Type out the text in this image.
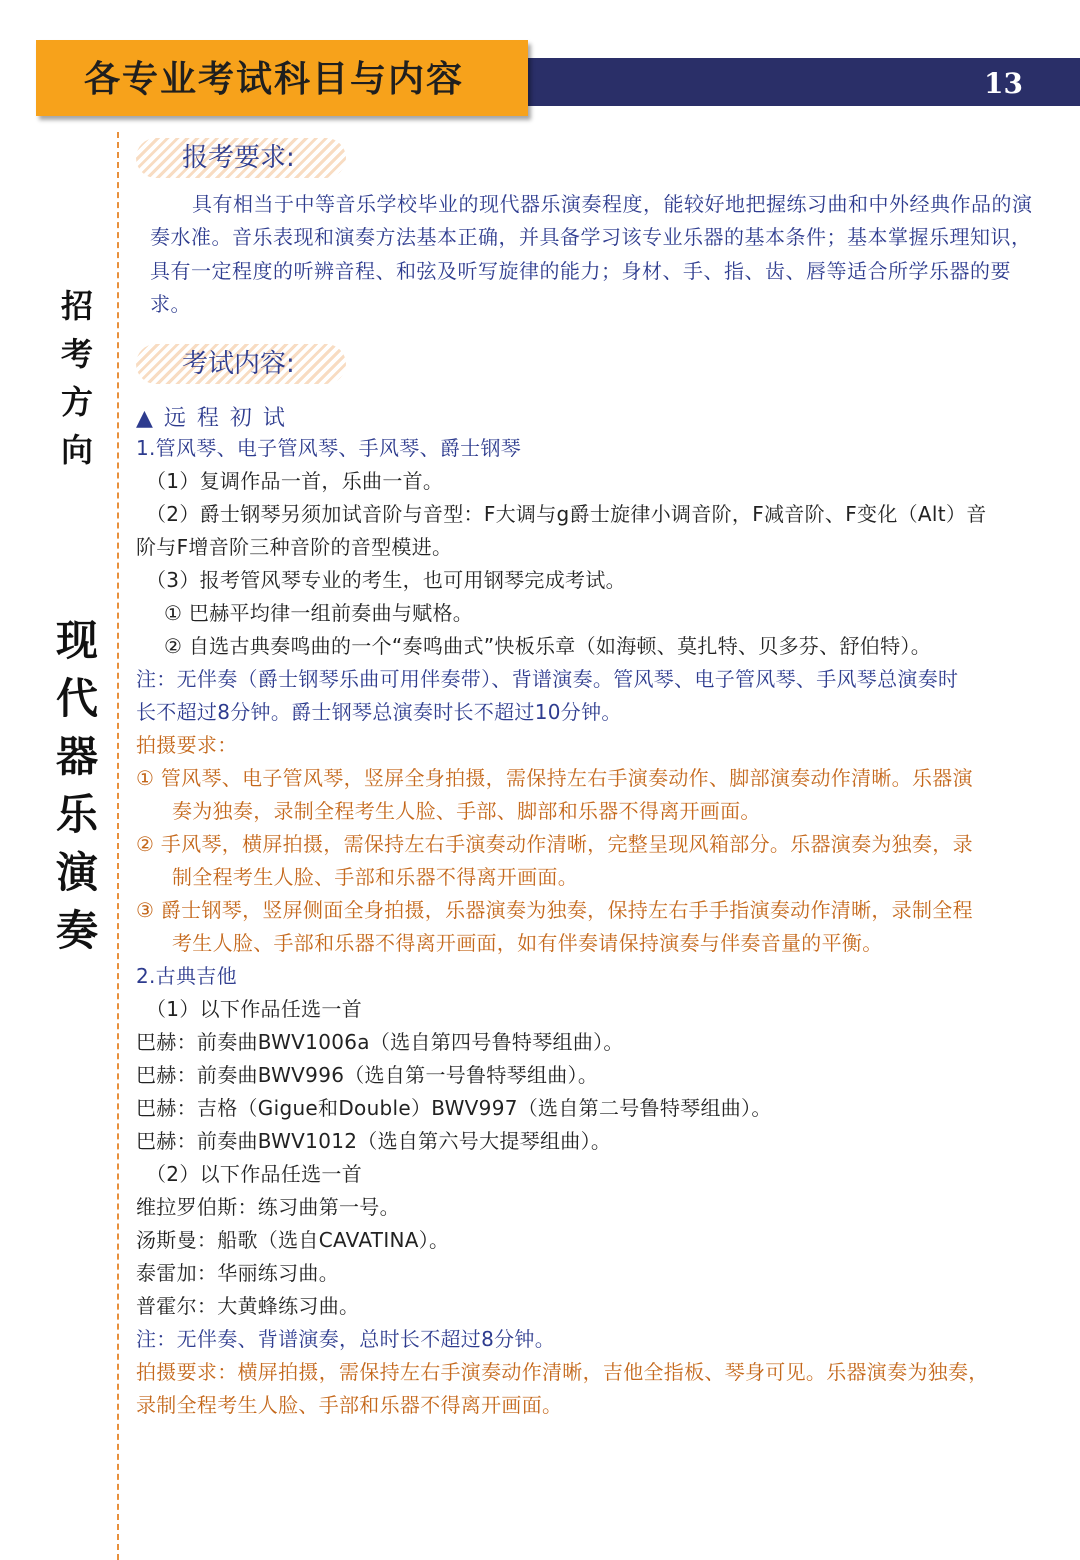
各专业考试科目与内容	13
招
考
方
向
现
代
器
乐
演
奏
报考要求:
具有相当于中等音乐学校毕业的现代器乐演奏程度，能较好地把握练习曲和中外经典作品的演奏水准。音乐表现和演奏方法基本正确，并具备学习该专业乐器的基本条件；基本掌握乐理知识，具有一定程度的听辨音程、和弦及听写旋律的能力；身材、手、指、齿、唇等适合所学乐器的要求。
考试内容:
▲ 远 程 初 试
1.管风琴、电子管风琴、手风琴、爵士钢琴
（1）复调作品一首，乐曲一首。
（2）爵士钢琴另须加试音阶与音型：F大调与g爵士旋律小调音阶，F减音阶、F变化（Alt）音
阶与F增音阶三种音阶的音型模进。
（3）报考管风琴专业的考生，也可用钢琴完成考试。
① 巴赫平均律一组前奏曲与赋格。
② 自选古典奏鸣曲的一个“奏鸣曲式”快板乐章（如海顿、莫扎特、贝多芬、舒伯特）。
注：无伴奏（爵士钢琴乐曲可用伴奏带）、背谱演奏。管风琴、电子管风琴、手风琴总演奏时
长不超过8分钟。爵士钢琴总演奏时长不超过10分钟。
拍摄要求：
① 管风琴、电子管风琴，竖屏全身拍摄，需保持左右手演奏动作、脚部演奏动作清晰。乐器演
奏为独奏，录制全程考生人脸、手部、脚部和乐器不得离开画面。
② 手风琴，横屏拍摄，需保持左右手演奏动作清晰，完整呈现风箱部分。乐器演奏为独奏，录
制全程考生人脸、手部和乐器不得离开画面。
③ 爵士钢琴，竖屏侧面全身拍摄，乐器演奏为独奏，保持左右手手指演奏动作清晰，录制全程
考生人脸、手部和乐器不得离开画面，如有伴奏请保持演奏与伴奏音量的平衡。
2.古典吉他
（1）以下作品任选一首
巴赫：前奏曲BWV1006a（选自第四号鲁特琴组曲）。
巴赫：前奏曲BWV996（选自第一号鲁特琴组曲）。
巴赫：吉格（Gigue和Double）BWV997（选自第二号鲁特琴组曲）。
巴赫：前奏曲BWV1012（选自第六号大提琴组曲）。
（2）以下作品任选一首
维拉罗伯斯：练习曲第一号。
汤斯曼：船歌（选自CAVATINA）。
泰雷加：华丽练习曲。
普霍尔：大黄蜂练习曲。
注：无伴奏、背谱演奏，总时长不超过8分钟。
拍摄要求：横屏拍摄，需保持左右手演奏动作清晰，吉他全指板、琴身可见。乐器演奏为独奏，
录制全程考生人脸、手部和乐器不得离开画面。
